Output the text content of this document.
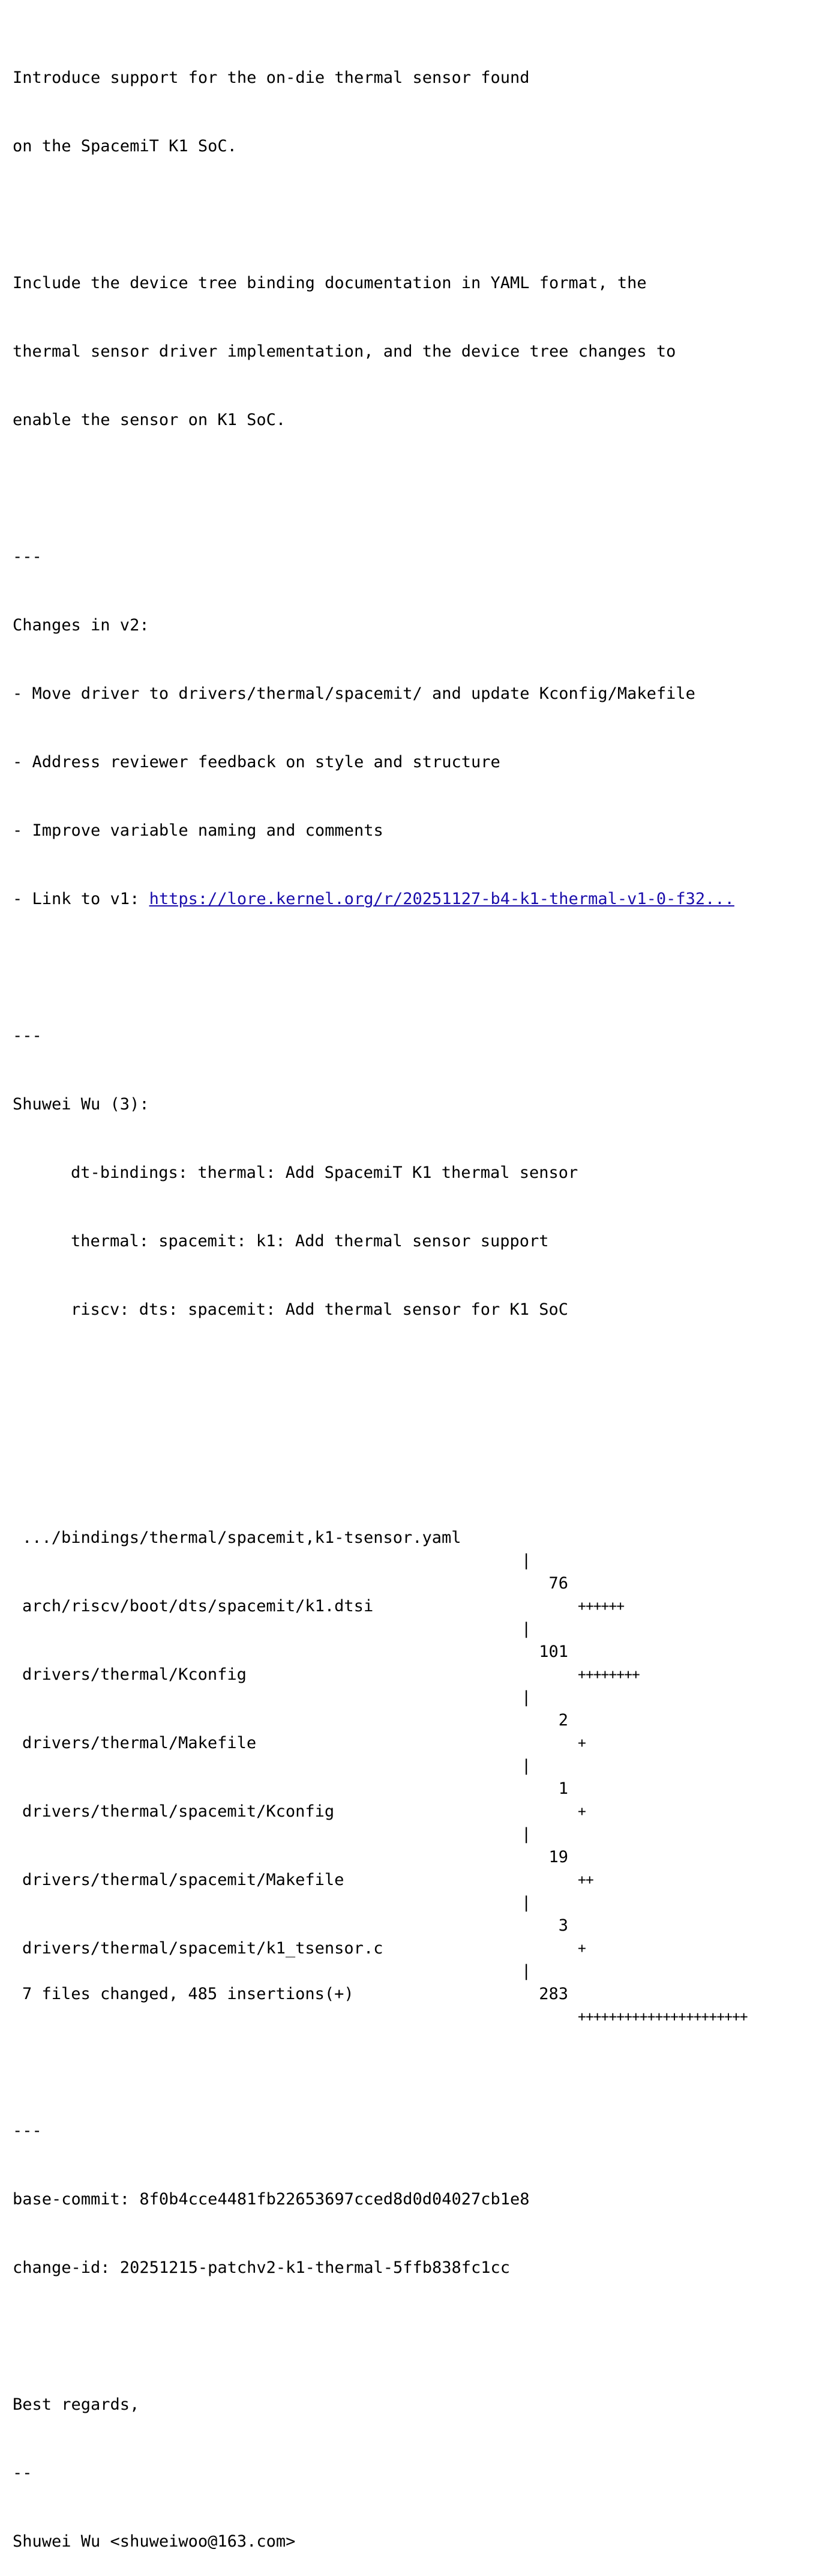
Introduce support for the on-die thermal sensor found

on the SpacemiT K1 SoC.

Include the device tree binding documentation in YAML format, the

thermal sensor driver implementation, and the device tree changes to

enable the sensor on K1 SoC.

---

Changes in v2:

- Move driver to drivers/thermal/spacemit/ and update Kconfig/Makefile

- Address reviewer feedback on style and structure

- Improve variable naming and comments

- Link to v1: https://lore.kernel.org/r/20251127-b4-k1-thermal-v1-0-f32...

---

Shuwei Wu (3):

dt-bindings: thermal: Add SpacemiT K1 thermal sensor

thermal: spacemit: k1: Add thermal sensor support

riscv: dts: spacemit: Add thermal sensor for K1 SoC

.../bindings/thermal/spacemit,k1-tsensor.yaml

|

76

++++++

arch/riscv/boot/dts/spacemit/k1.dtsi

|

101

++++++++

drivers/thermal/Kconfig

|

2

+

drivers/thermal/Makefile

|

1

+

drivers/thermal/spacemit/Kconfig

|

19

++

drivers/thermal/spacemit/Makefile

|

3

+

drivers/thermal/spacemit/k1_tsensor.c

|

283

++++++++++++++++++++++

7 files changed, 485 insertions(+)

---

base-commit: 8f0b4cce4481fb22653697cced8d0d04027cb1e8

change-id: 20251215-patchv2-k1-thermal-5ffb838fc1cc

Best regards,

--

Shuwei Wu <shuweiwoo@163.com>
